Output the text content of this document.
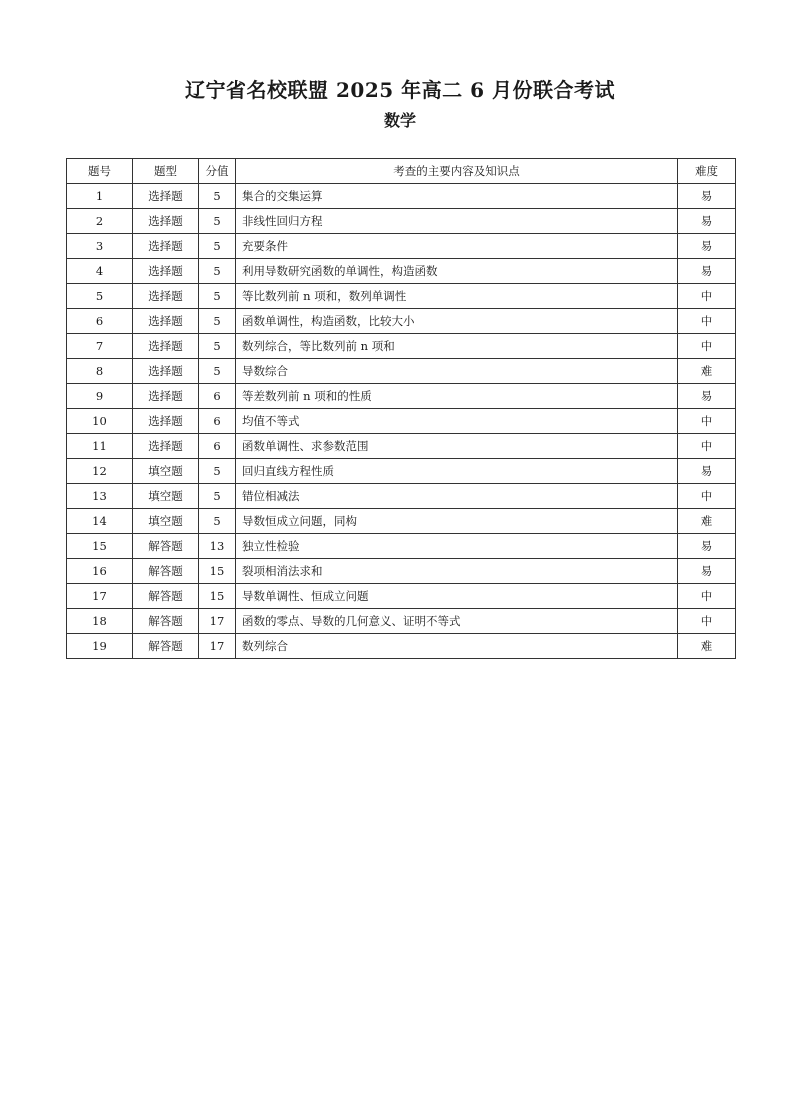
辽宁省名校联盟 2025 年高二 6 月份联合考试
数学
题号	题型	分值	考查的主要内容及知识点	难度
1	选择题	5	集合的交集运算	易
2	选择题	5	非线性回归方程	易
3	选择题	5	充要条件	易
4	选择题	5	利用导数研究函数的单调性，构造函数	易
5	选择题	5	等比数列前 n 项和，数列单调性	中
6	选择题	5	函数单调性，构造函数，比较大小	中
7	选择题	5	数列综合，等比数列前 n 项和	中
8	选择题	5	导数综合	难
9	选择题	6	等差数列前 n 项和的性质	易
10	选择题	6	均值不等式	中
11	选择题	6	函数单调性、求参数范围	中
12	填空题	5	回归直线方程性质	易
13	填空题	5	错位相减法	中
14	填空题	5	导数恒成立问题，同构	难
15	解答题	13	独立性检验	易
16	解答题	15	裂项相消法求和	易
17	解答题	15	导数单调性、恒成立问题	中
18	解答题	17	函数的零点、导数的几何意义、证明不等式	中
19	解答题	17	数列综合	难
